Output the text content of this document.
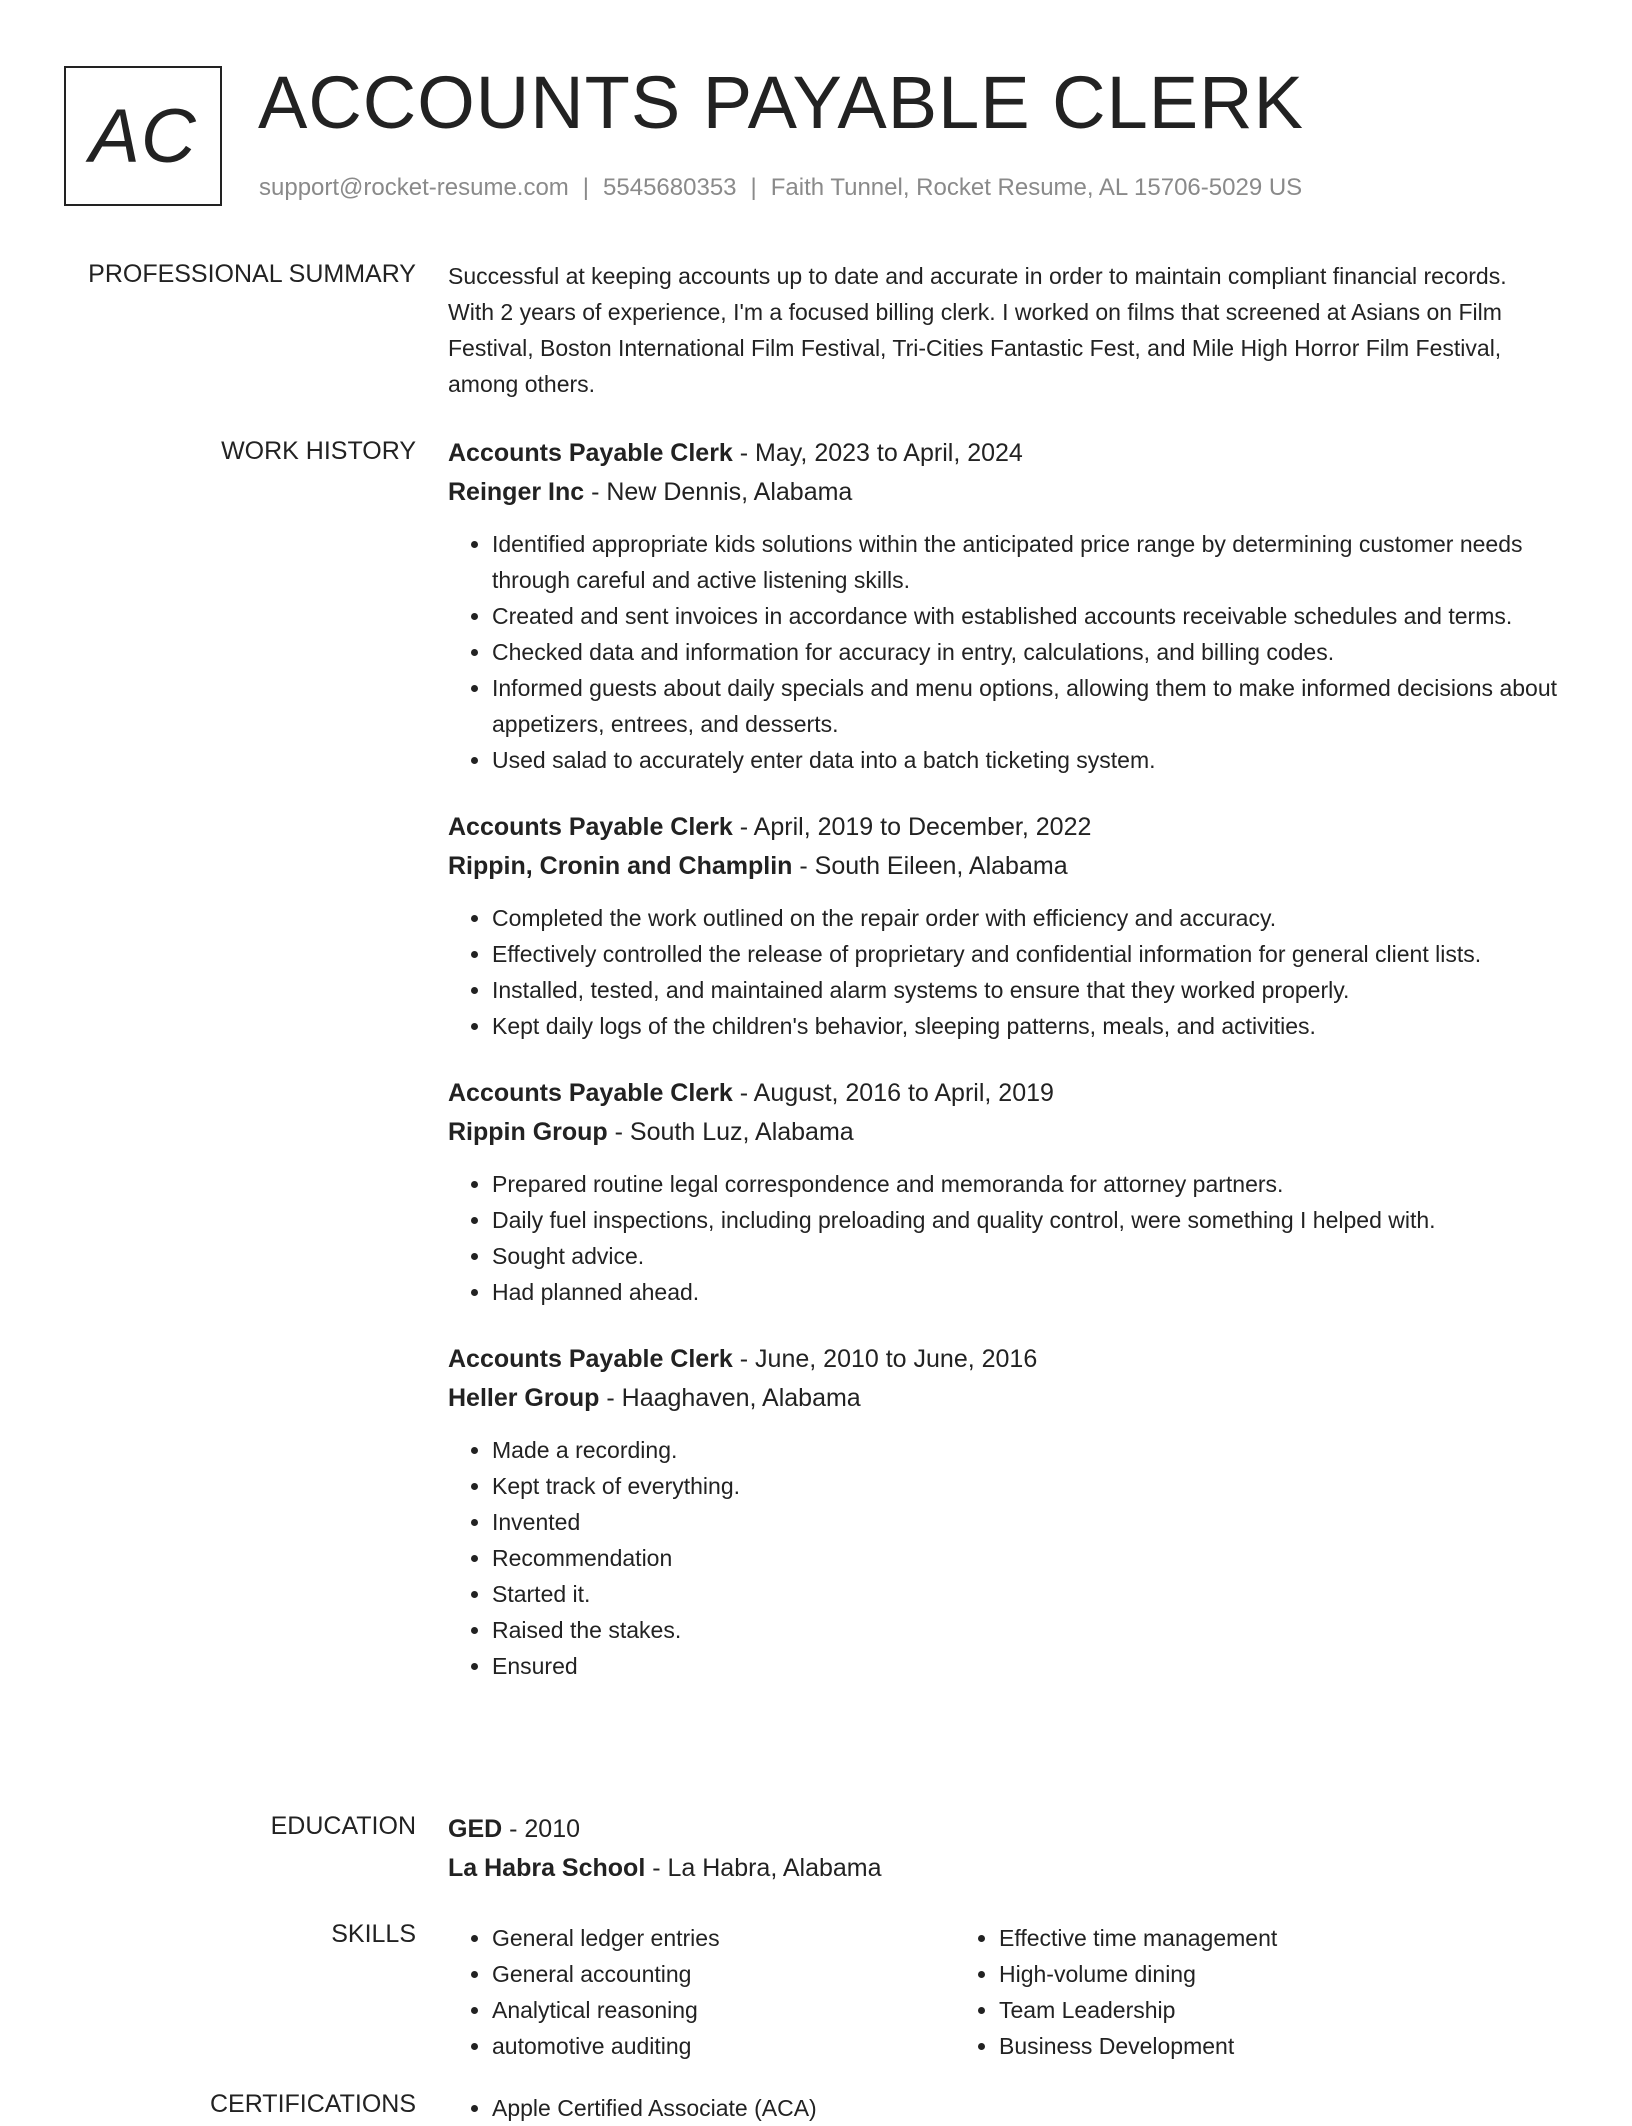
AC ACCOUNTS PAYABLE CLERK
support@rocket-resume.com | 5545680353 | Faith Tunnel, Rocket Resume, AL 15706-5029 US
PROFESSIONAL SUMMARY Successful at keeping accounts up to date and accurate in order to maintain compliant financial records. With 2 years of experience, I'm a focused billing clerk. I worked on films that screened at Asians on Film Festival, Boston International Film Festival, Tri-Cities Fantastic Fest, and Mile High Horror Film Festival, among others.

WORK HISTORY Accounts Payable Clerk - May, 2023 to April, 2024
Reinger Inc - New Dennis, Alabama
• Identified appropriate kids solutions within the anticipated price range by determining customer needs through careful and active listening skills.
• Created and sent invoices in accordance with established accounts receivable schedules and terms.
• Checked data and information for accuracy in entry, calculations, and billing codes.
• Informed guests about daily specials and menu options, allowing them to make informed decisions about appetizers, entrees, and desserts.
• Used salad to accurately enter data into a batch ticketing system.
Accounts Payable Clerk - April, 2019 to December, 2022
Rippin, Cronin and Champlin - South Eileen, Alabama
• Completed the work outlined on the repair order with efficiency and accuracy.
• Effectively controlled the release of proprietary and confidential information for general client lists.
• Installed, tested, and maintained alarm systems to ensure that they worked properly.
• Kept daily logs of the children's behavior, sleeping patterns, meals, and activities.
Accounts Payable Clerk - August, 2016 to April, 2019
Rippin Group - South Luz, Alabama
• Prepared routine legal correspondence and memoranda for attorney partners.
• Daily fuel inspections, including preloading and quality control, were something I helped with.
• Sought advice.
• Had planned ahead.
Accounts Payable Clerk - June, 2010 to June, 2016
Heller Group - Haaghaven, Alabama
• Made a recording.
• Kept track of everything.
• Invented
• Recommendation
• Started it.
• Raised the stakes.
• Ensured
EDUCATION GED - 2010
La Habra School - La Habra, Alabama
SKILLS	• General ledger entries
• General accounting
• Analytical reasoning
• automotive auditing
• Effective time management
• High-volume dining
• Team Leadership
• Business Development
CERTIFICATIONS	• Apple Certified Associate (ACA)
